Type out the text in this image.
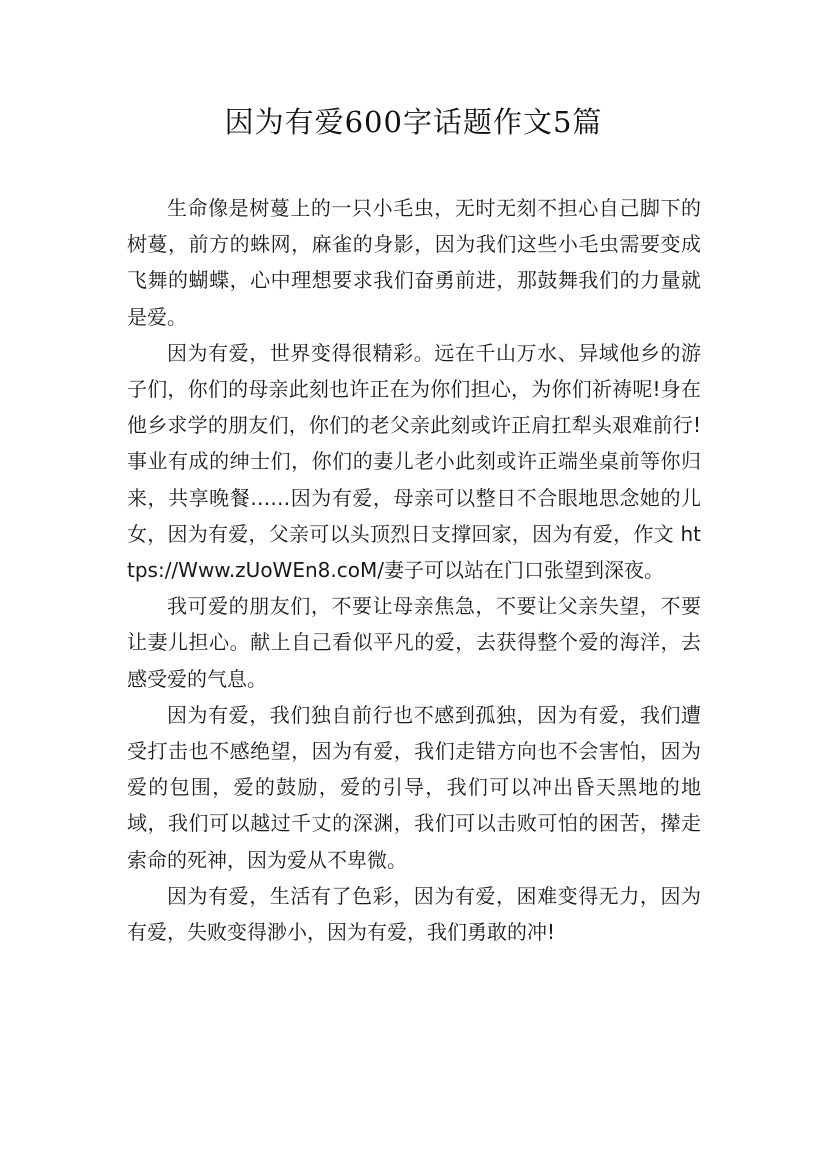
因为有爱600字话题作文5篇

生命像是树蔓上的一只小毛虫，无时无刻不担心自己脚下的树蔓，前方的蛛网，麻雀的身影，因为我们这些小毛虫需要变成飞舞的蝴蝶，心中理想要求我们奋勇前进，那鼓舞我们的力量就是爱。

因为有爱，世界变得很精彩。远在千山万水、异域他乡的游子们，你们的母亲此刻也许正在为你们担心，为你们祈祷呢!身在他乡求学的朋友们，你们的老父亲此刻或许正肩扛犁头艰难前行!事业有成的绅士们，你们的妻儿老小此刻或许正端坐桌前等你归来，共享晚餐……因为有爱，母亲可以整日不合眼地思念她的儿女，因为有爱，父亲可以头顶烈日支撑回家，因为有爱，作文 https://Www.zUoWEn8.coM/妻子可以站在门口张望到深夜。

我可爱的朋友们，不要让母亲焦急，不要让父亲失望，不要让妻儿担心。献上自己看似平凡的爱，去获得整个爱的海洋，去感受爱的气息。

因为有爱，我们独自前行也不感到孤独，因为有爱，我们遭受打击也不感绝望，因为有爱，我们走错方向也不会害怕，因为爱的包围，爱的鼓励，爱的引导，我们可以冲出昏天黑地的地域，我们可以越过千丈的深渊，我们可以击败可怕的困苦，撵走索命的死神，因为爱从不卑微。

因为有爱，生活有了色彩，因为有爱，困难变得无力，因为有爱，失败变得渺小，因为有爱，我们勇敢的冲!
